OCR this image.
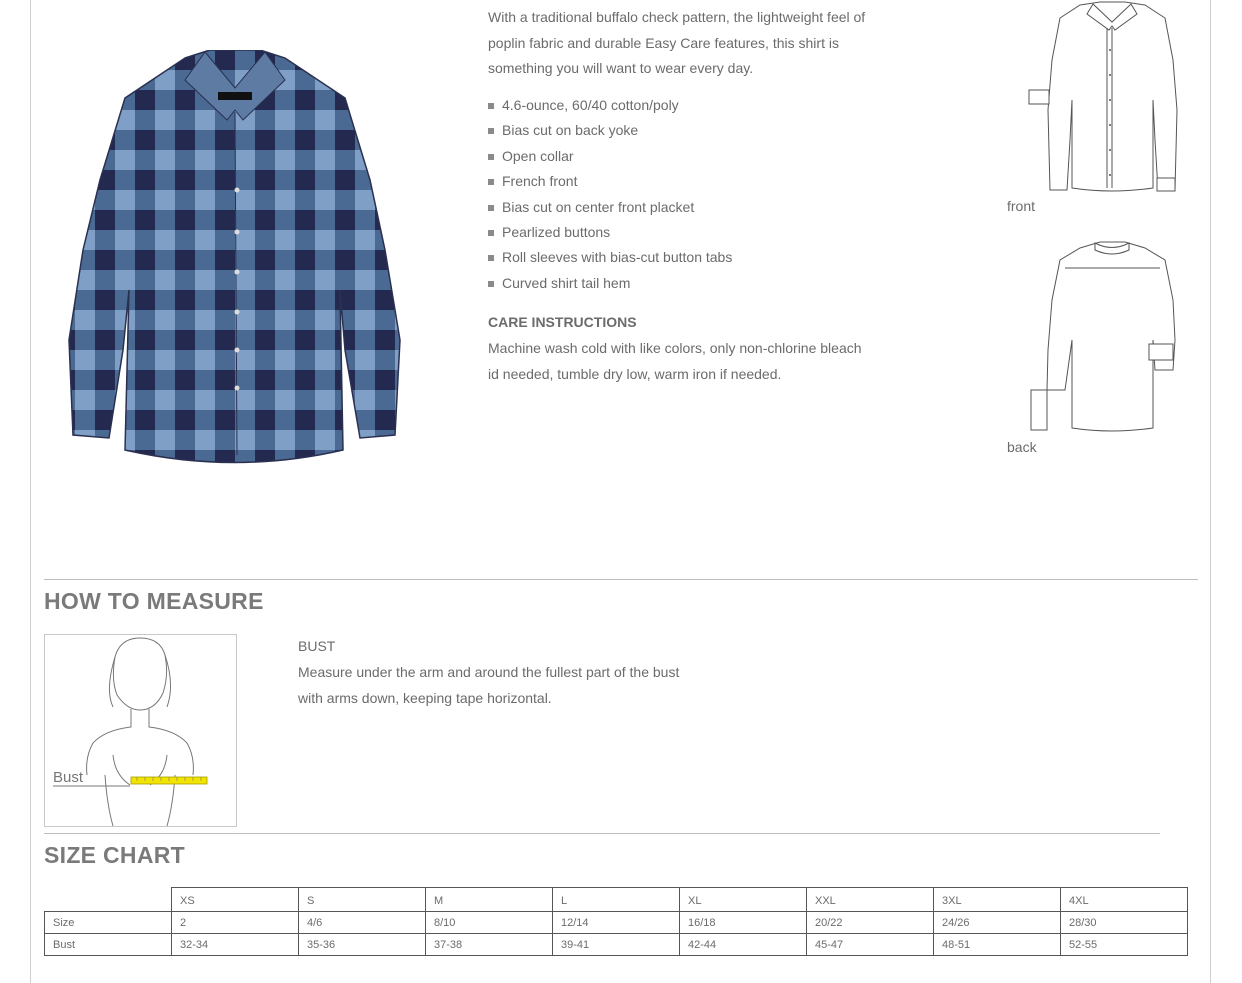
With a traditional buffalo check pattern, the lightweight feel of
poplin fabric and durable Easy Care features, this shirt is
something you will want to wear every day.
4.6-ounce, 60/40 cotton/poly
Bias cut on back yoke
Open collar
French front
Bias cut on center front placket
Pearlized buttons
Roll sleeves with bias-cut button tabs
Curved shirt tail hem
CARE INSTRUCTIONS
Machine wash cold with like colors, only non-chlorine bleach
id needed, tumble dry low, warm iron if needed.
front
back
HOW TO MEASURE
Bust
BUST
Measure under the arm and around the fullest part of the bust
with arms down, keeping tape horizontal.
SIZE CHART
	XS	S	M	L	XL	XXL	3XL	4XL
Size	2	4/6	8/10	12/14	16/18	20/22	24/26	28/30
Bust	32-34	35-36	37-38	39-41	42-44	45-47	48-51	52-55
